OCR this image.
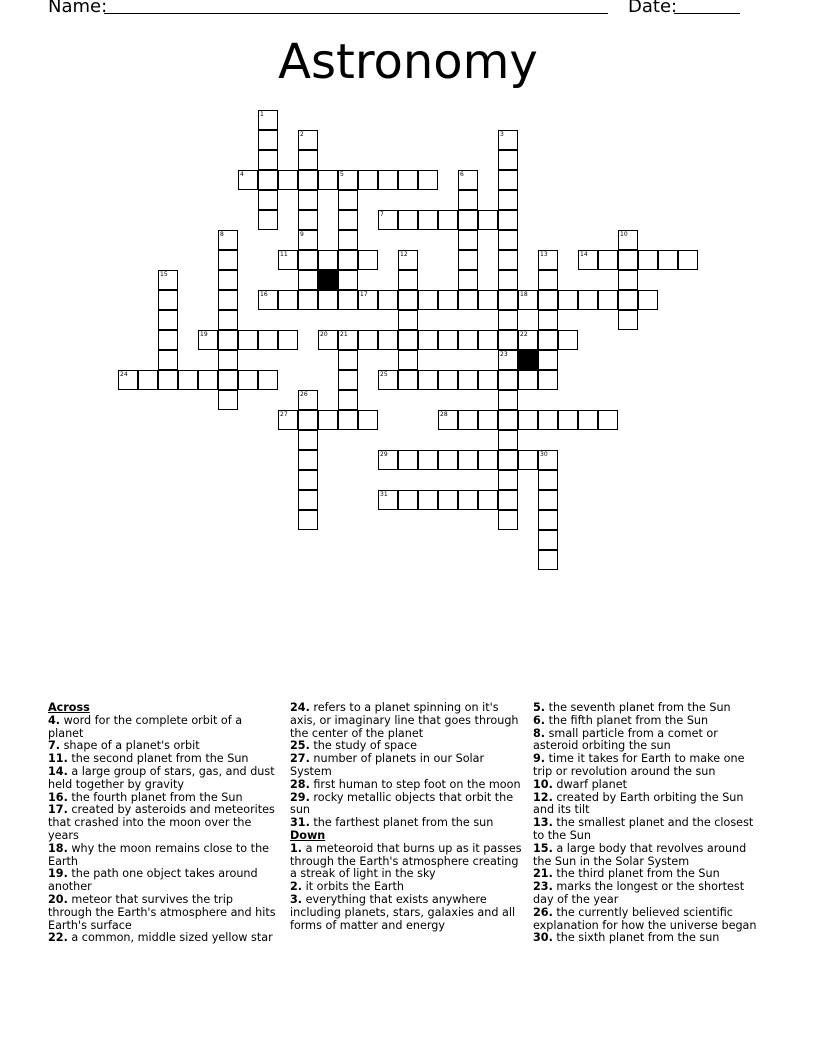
Name:	Date:
Astronomy
1
2	3
4	5	6
7
8	9	10
11	12	13	14
15
16	17	18
19	20 21	22
23
24	25
26
27	28
29	30
31
Across
4. word for the complete orbit of a planet
7. shape of a planet's orbit
11. the second planet from the Sun
14. a large group of stars, gas, and dust held together by gravity
16. the fourth planet from the Sun
17. created by asteroids and meteorites that crashed into the moon over the years
18. why the moon remains close to the Earth
19. the path one object takes around another
20. meteor that survives the trip through the Earth's atmosphere and hits Earth's surface
22. a common, middle sized yellow star
24. refers to a planet spinning on it's axis, or imaginary line that goes through the center of the planet
25. the study of space
27. number of planets in our Solar System
28. first human to step foot on the moon
29. rocky metallic objects that orbit the sun
31. the farthest planet from the sun
Down
1. a meteoroid that burns up as it passes through the Earth's atmosphere creating a streak of light in the sky
2. it orbits the Earth
3. everything that exists anywhere including planets, stars, galaxies and all forms of matter and energy
5. the seventh planet from the Sun
6. the fifth planet from the Sun
8. small particle from a comet or asteroid orbiting the sun
9. time it takes for Earth to make one trip or revolution around the sun
10. dwarf planet
12. created by Earth orbiting the Sun and its tilt
13. the smallest planet and the closest to the Sun
15. a large body that revolves around the Sun in the Solar System
21. the third planet from the Sun
23. marks the longest or the shortest day of the year
26. the currently believed scientific explanation for how the universe began
30. the sixth planet from the sun
